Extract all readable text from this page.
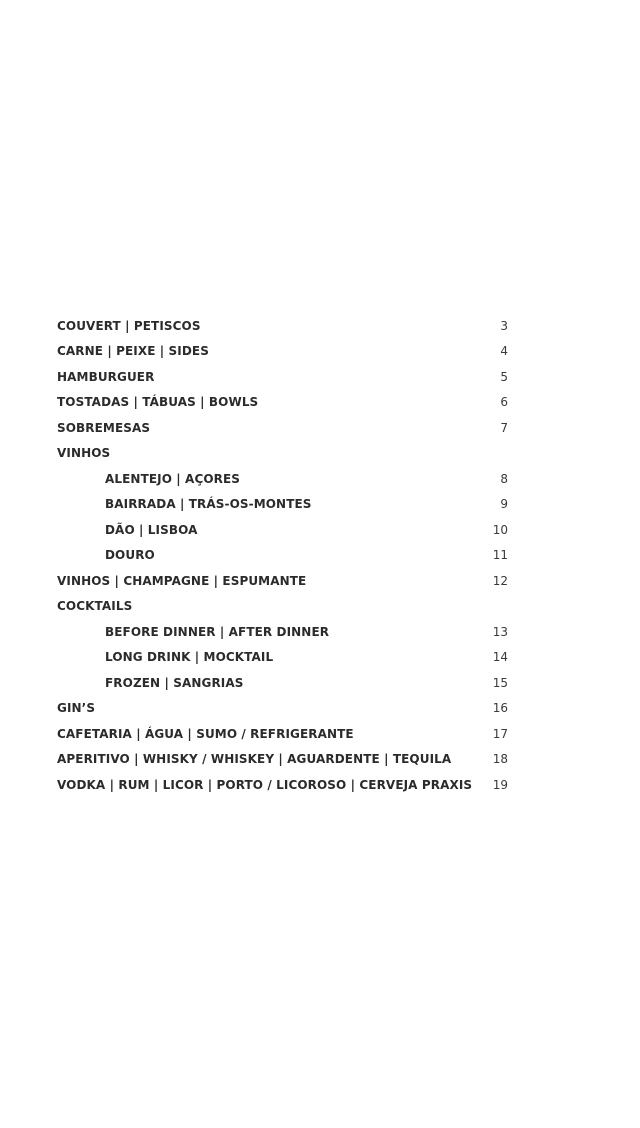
COUVERT | PETISCOS	3
CARNE | PEIXE | SIDES	4
HAMBURGUER	5
TOSTADAS | TÁBUAS | BOWLS	6
SOBREMESAS	7
VINHOS
ALENTEJO | AÇORES	8
BAIRRADA | TRÁS-OS-MONTES	9
DÃO | LISBOA	10
DOURO	11
VINHOS | CHAMPAGNE | ESPUMANTE	12
COCKTAILS
BEFORE DINNER | AFTER DINNER	13
LONG DRINK | MOCKTAIL	14
FROZEN | SANGRIAS	15
GIN’S	16
CAFETARIA | ÁGUA | SUMO / REFRIGERANTE	17
APERITIVO | WHISKY / WHISKEY | AGUARDENTE | TEQUILA	18
VODKA | RUM | LICOR | PORTO / LICOROSO | CERVEJA PRAXIS	19
